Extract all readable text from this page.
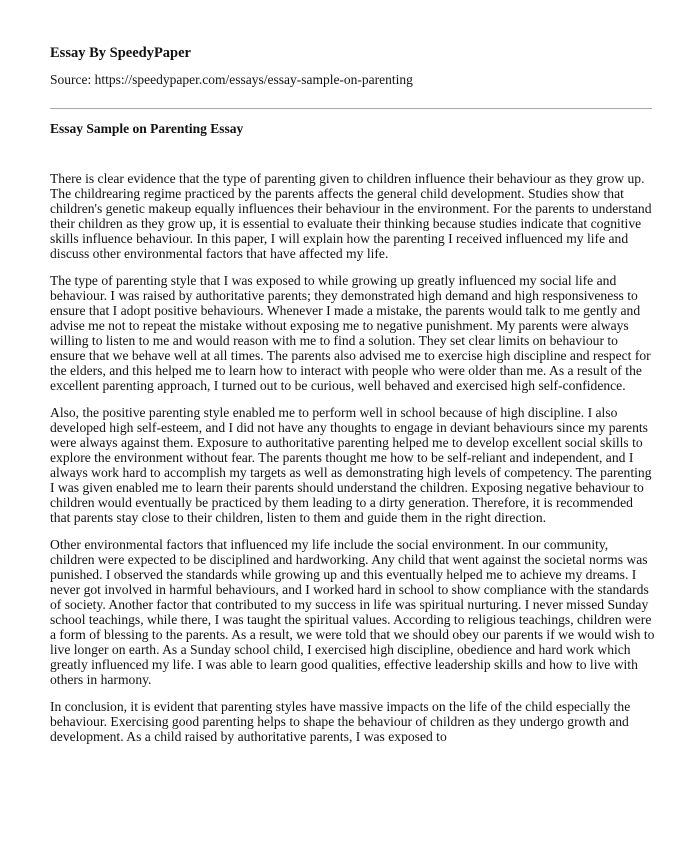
Essay By SpeedyPaper

Source: https://speedypaper.com/essays/essay-sample-on-parenting

Essay Sample on Parenting Essay

There is clear evidence that the type of parenting given to children influence their behaviour as they grow up. The childrearing regime practiced by the parents affects the general child development. Studies show that children's genetic makeup equally influences their behaviour in the environment. For the parents to understand their children as they grow up, it is essential to evaluate their thinking because studies indicate that cognitive skills influence behaviour. In this paper, I will explain how the parenting I received influenced my life and discuss other environmental factors that have affected my life.

The type of parenting style that I was exposed to while growing up greatly influenced my social life and behaviour. I was raised by authoritative parents; they demonstrated high demand and high responsiveness to ensure that I adopt positive behaviours. Whenever I made a mistake, the parents would talk to me gently and advise me not to repeat the mistake without exposing me to negative punishment. My parents were always willing to listen to me and would reason with me to find a solution. They set clear limits on behaviour to ensure that we behave well at all times. The parents also advised me to exercise high discipline and respect for the elders, and this helped me to learn how to interact with people who were older than me. As a result of the excellent parenting approach, I turned out to be curious, well behaved and exercised high self-confidence.

Also, the positive parenting style enabled me to perform well in school because of high discipline. I also developed high self-esteem, and I did not have any thoughts to engage in deviant behaviours since my parents were always against them. Exposure to authoritative parenting helped me to develop excellent social skills to explore the environment without fear. The parents thought me how to be self-reliant and independent, and I always work hard to accomplish my targets as well as demonstrating high levels of competency. The parenting I was given enabled me to learn their parents should understand the children. Exposing negative behaviour to children would eventually be practiced by them leading to a dirty generation. Therefore, it is recommended that parents stay close to their children, listen to them and guide them in the right direction.

Other environmental factors that influenced my life include the social environment. In our community, children were expected to be disciplined and hardworking. Any child that went against the societal norms was punished. I observed the standards while growing up and this eventually helped me to achieve my dreams. I never got involved in harmful behaviours, and I worked hard in school to show compliance with the standards of society. Another factor that contributed to my success in life was spiritual nurturing. I never missed Sunday school teachings, while there, I was taught the spiritual values. According to religious teachings, children were a form of blessing to the parents. As a result, we were told that we should obey our parents if we would wish to live longer on earth. As a Sunday school child, I exercised high discipline, obedience and hard work which greatly influenced my life. I was able to learn good qualities, effective leadership skills and how to live with others in harmony.

In conclusion, it is evident that parenting styles have massive impacts on the life of the child especially the behaviour. Exercising good parenting helps to shape the behaviour of children as they undergo growth and development. As a child raised by authoritative parents, I was exposed to
